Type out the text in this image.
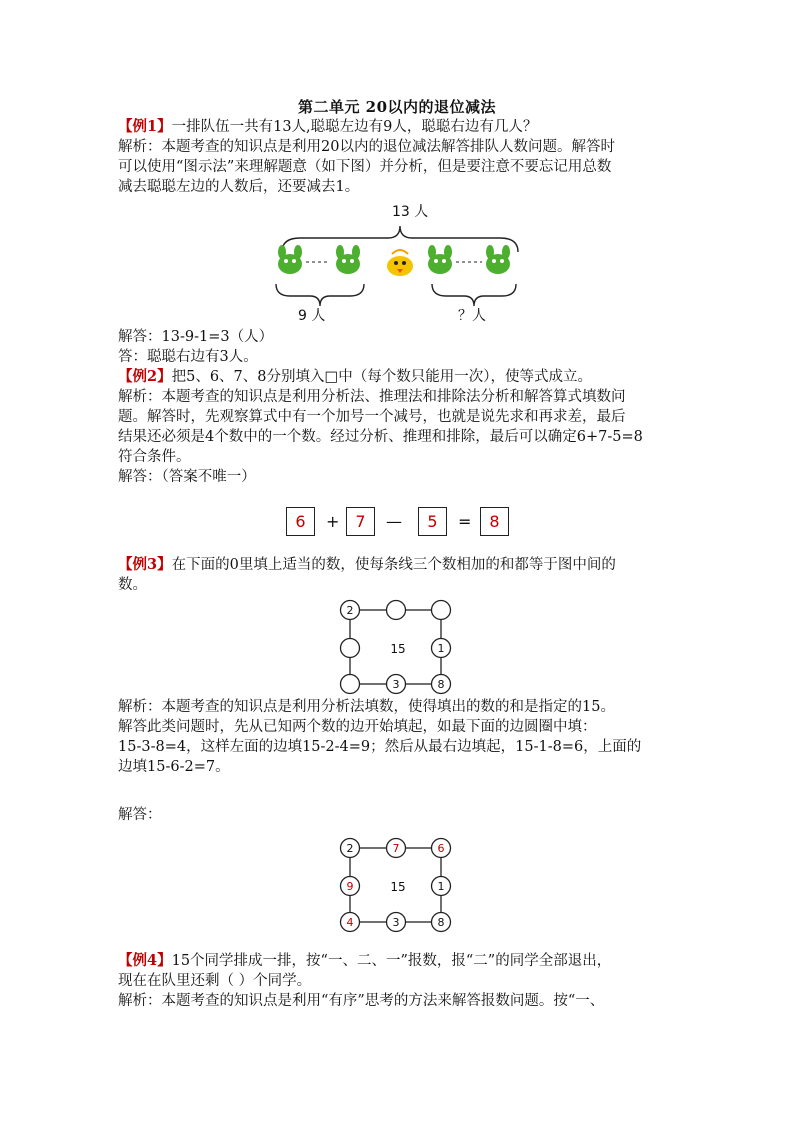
第二单元 20以内的退位减法
【例1】一排队伍一共有13人,聪聪左边有9人，聪聪右边有几人？
解析：本题考查的知识点是利用20以内的退位减法解答排队人数问题。解答时
可以使用“图示法”来理解题意（如下图）并分析，但是要注意不要忘记用总数
减去聪聪左边的人数后，还要减去1。
13 人
9 人	？人
解答：13-9-1=3（人）
答：聪聪右边有3人。
【例2】把5、6、7、8分别填入□中（每个数只能用一次），使等式成立。
解析：本题考查的知识点是利用分析法、推理法和排除法分析和解答算式填数问
题。解答时，先观察算式中有一个加号一个减号，也就是说先求和再求差，最后
结果还必须是4个数中的一个数。经过分析、推理和排除，最后可以确定6+7-5=8
符合条件。
解答：（答案不唯一）
6	+	7	—	5	=	8
【例3】在下面的0里填上适当的数，使每条线三个数相加的和都等于图中间的
数。
2
1
3	8
15
解析：本题考查的知识点是利用分析法填数，使得填出的数的和是指定的15。
解答此类问题时，先从已知两个数的边开始填起，如最下面的边圆圈中填：
15-3-8=4，这样左面的边填15-2-4=9；然后从最右边填起，15-1-8=6，上面的
边填15-6-2=7。
解答：
2
1
3	8
7	6
9
4
15
【例4】15个同学排成一排，按“一、二、一”报数，报“二”的同学全部退出，
现在在队里还剩（ ）个同学。
解析：本题考查的知识点是利用“有序”思考的方法来解答报数问题。按“一、
